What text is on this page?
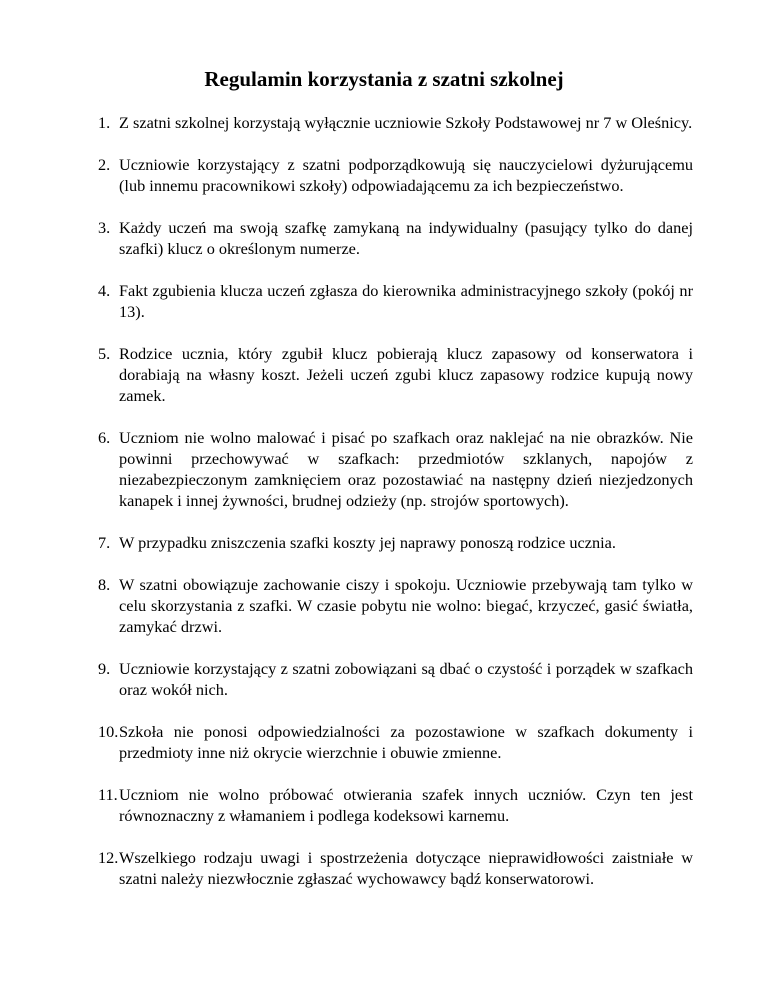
Regulamin korzystania z szatni szkolnej
1. Z szatni szkolnej korzystają wyłącznie uczniowie Szkoły Podstawowej nr 7 w Oleśnicy.
2. Uczniowie korzystający z szatni podporządkowują się nauczycielowi dyżurującemu (lub innemu pracownikowi szkoły) odpowiadającemu za ich bezpieczeństwo.
3. Każdy uczeń ma swoją szafkę zamykaną na indywidualny (pasujący tylko do danej szafki) klucz o określonym numerze.
4. Fakt zgubienia klucza uczeń zgłasza do kierownika administracyjnego szkoły (pokój nr 13).
5. Rodzice ucznia, który zgubił klucz pobierają klucz zapasowy od konserwatora i dorabiają na własny koszt. Jeżeli uczeń zgubi klucz zapasowy rodzice kupują nowy zamek.
6. Uczniom nie wolno malować i pisać po szafkach oraz naklejać na nie obrazków. Nie powinni przechowywać w szafkach: przedmiotów szklanych, napojów z niezabezpieczonym zamknięciem oraz pozostawiać na następny dzień niezjedzonych kanapek i innej żywności, brudnej odzieży (np. strojów sportowych).
7. W przypadku zniszczenia szafki koszty jej naprawy ponoszą rodzice ucznia.
8. W szatni obowiązuje zachowanie ciszy i spokoju. Uczniowie przebywają tam tylko w celu skorzystania z szafki. W czasie pobytu nie wolno: biegać, krzyczeć, gasić światła, zamykać drzwi.
9. Uczniowie korzystający z szatni zobowiązani są dbać o czystość i porządek w szafkach oraz wokół nich.
10. Szkoła nie ponosi odpowiedzialności za pozostawione w szafkach dokumenty i przedmioty inne niż okrycie wierzchnie i obuwie zmienne.
11. Uczniom nie wolno próbować otwierania szafek innych uczniów. Czyn ten jest równoznaczny z włamaniem i podlega kodeksowi karnemu.
12. Wszelkiego rodzaju uwagi i spostrzeżenia dotyczące nieprawidłowości zaistniałe w szatni należy niezwłocznie zgłaszać wychowawcy bądź konserwatorowi.
